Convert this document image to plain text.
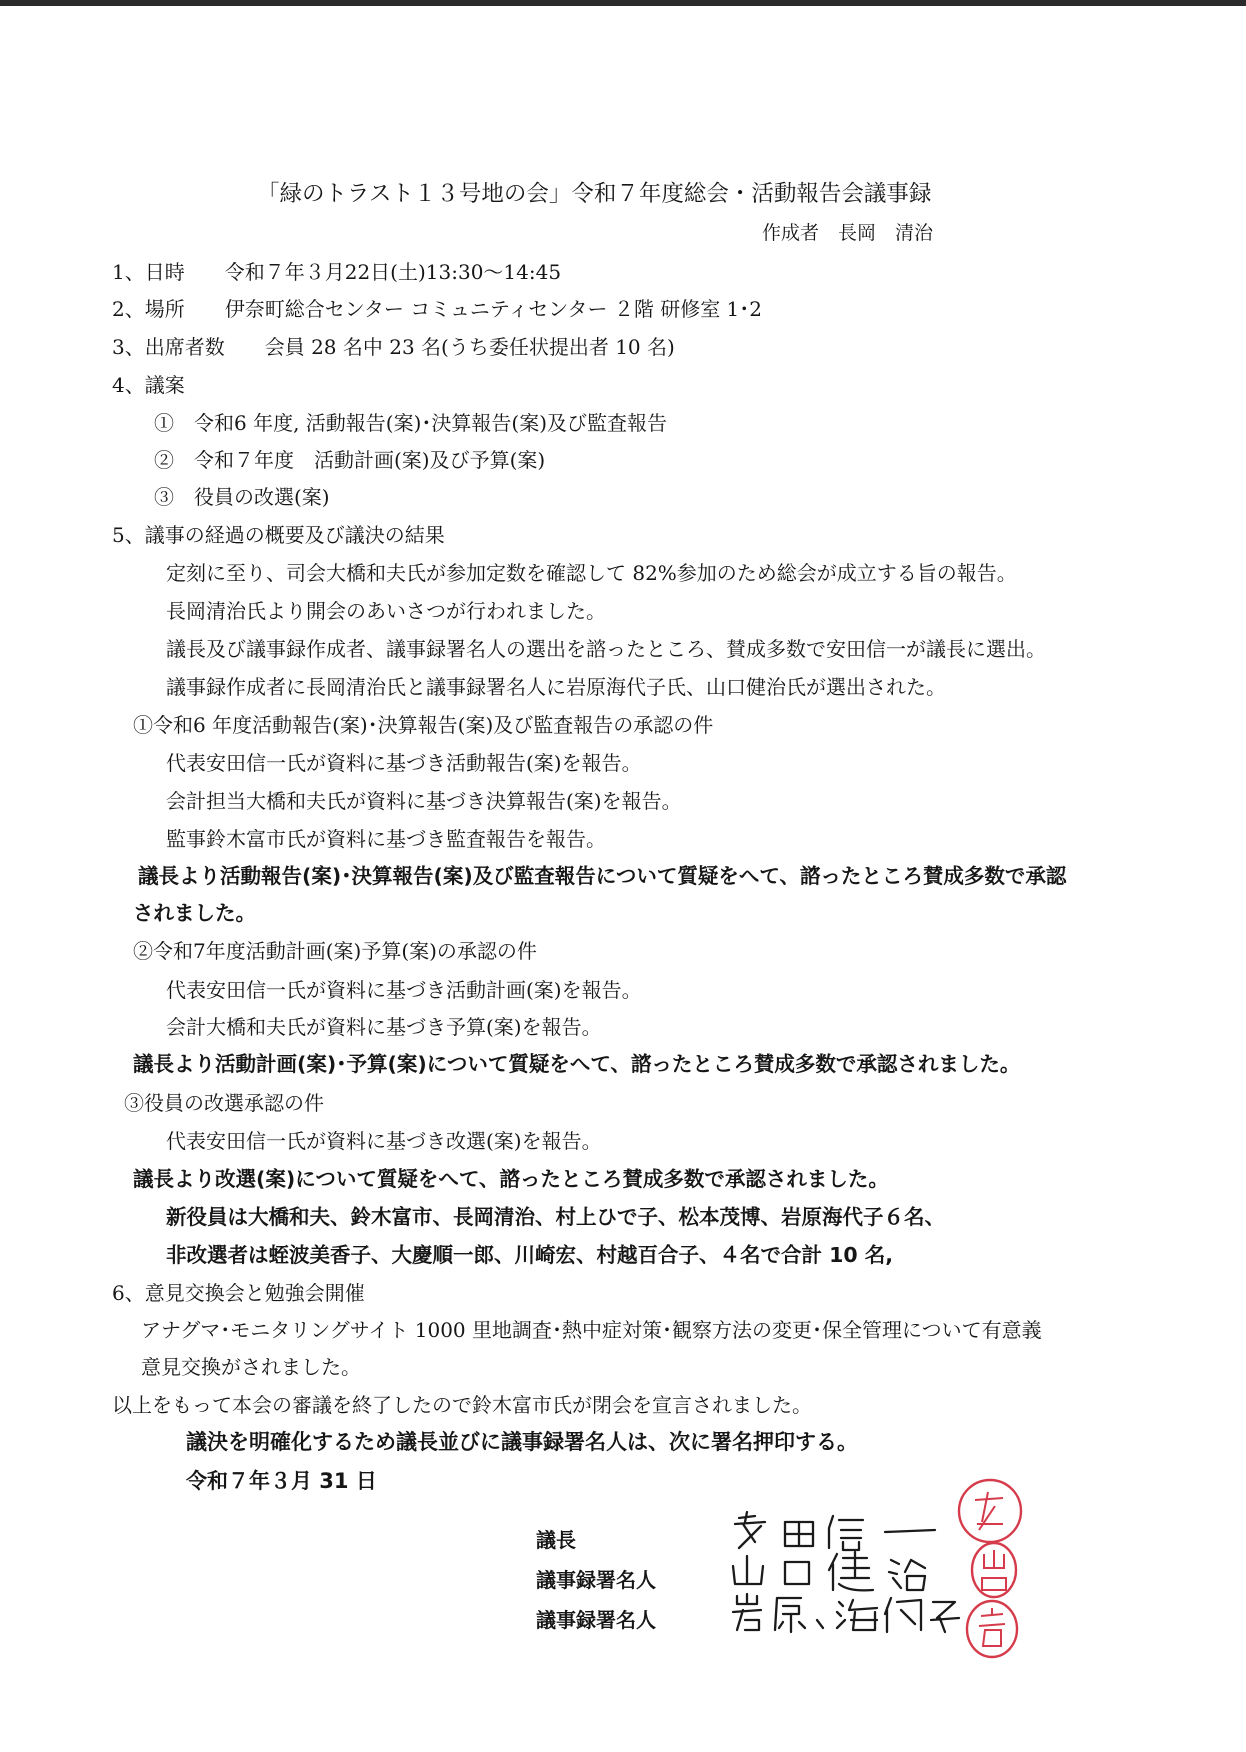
「緑のトラスト１３号地の会」令和７年度総会・活動報告会議事録
作成者　長岡　清治
1、日時　　令和７年３月22日(土)13:30〜14:45
2、場所　　伊奈町総合センター コミュニティセンター ２階 研修室 1･2
3、出席者数　　会員 28 名中 23 名(うち委任状提出者 10 名)
4、議案
①　令和6 年度, 活動報告(案)･決算報告(案)及び監査報告
②　令和７年度　活動計画(案)及び予算(案)
③　役員の改選(案)
5、議事の経過の概要及び議決の結果
定刻に至り、司会大橋和夫氏が参加定数を確認して 82%参加のため総会が成立する旨の報告。
長岡清治氏より開会のあいさつが行われました。
議長及び議事録作成者、議事録署名人の選出を諮ったところ、賛成多数で安田信一が議長に選出。
議事録作成者に長岡清治氏と議事録署名人に岩原海代子氏、山口健治氏が選出された。
①令和6 年度活動報告(案)･決算報告(案)及び監査報告の承認の件
代表安田信一氏が資料に基づき活動報告(案)を報告。
会計担当大橋和夫氏が資料に基づき決算報告(案)を報告。
監事鈴木富市氏が資料に基づき監査報告を報告。
議長より活動報告(案)･決算報告(案)及び監査報告について質疑をへて、諮ったところ賛成多数で承認
されました。
②令和7年度活動計画(案)予算(案)の承認の件
代表安田信一氏が資料に基づき活動計画(案)を報告。
会計大橋和夫氏が資料に基づき予算(案)を報告。
議長より活動計画(案)･予算(案)について質疑をへて、諮ったところ賛成多数で承認されました。
③役員の改選承認の件
代表安田信一氏が資料に基づき改選(案)を報告。
議長より改選(案)について質疑をへて、諮ったところ賛成多数で承認されました。
新役員は大橋和夫、鈴木富市、長岡清治、村上ひで子、松本茂博、岩原海代子６名、
非改選者は蛭波美香子、大慶順一郎、川崎宏、村越百合子、４名で合計 10 名,
6、意見交換会と勉強会開催
アナグマ･モニタリングサイト 1000 里地調査･熱中症対策･観察方法の変更･保全管理について有意義
意見交換がされました。
以上をもって本会の審議を終了したので鈴木富市氏が閉会を宣言されました。
議決を明確化するため議長並びに議事録署名人は、次に署名押印する。
令和７年３月 31 日
議長
議事録署名人
議事録署名人
